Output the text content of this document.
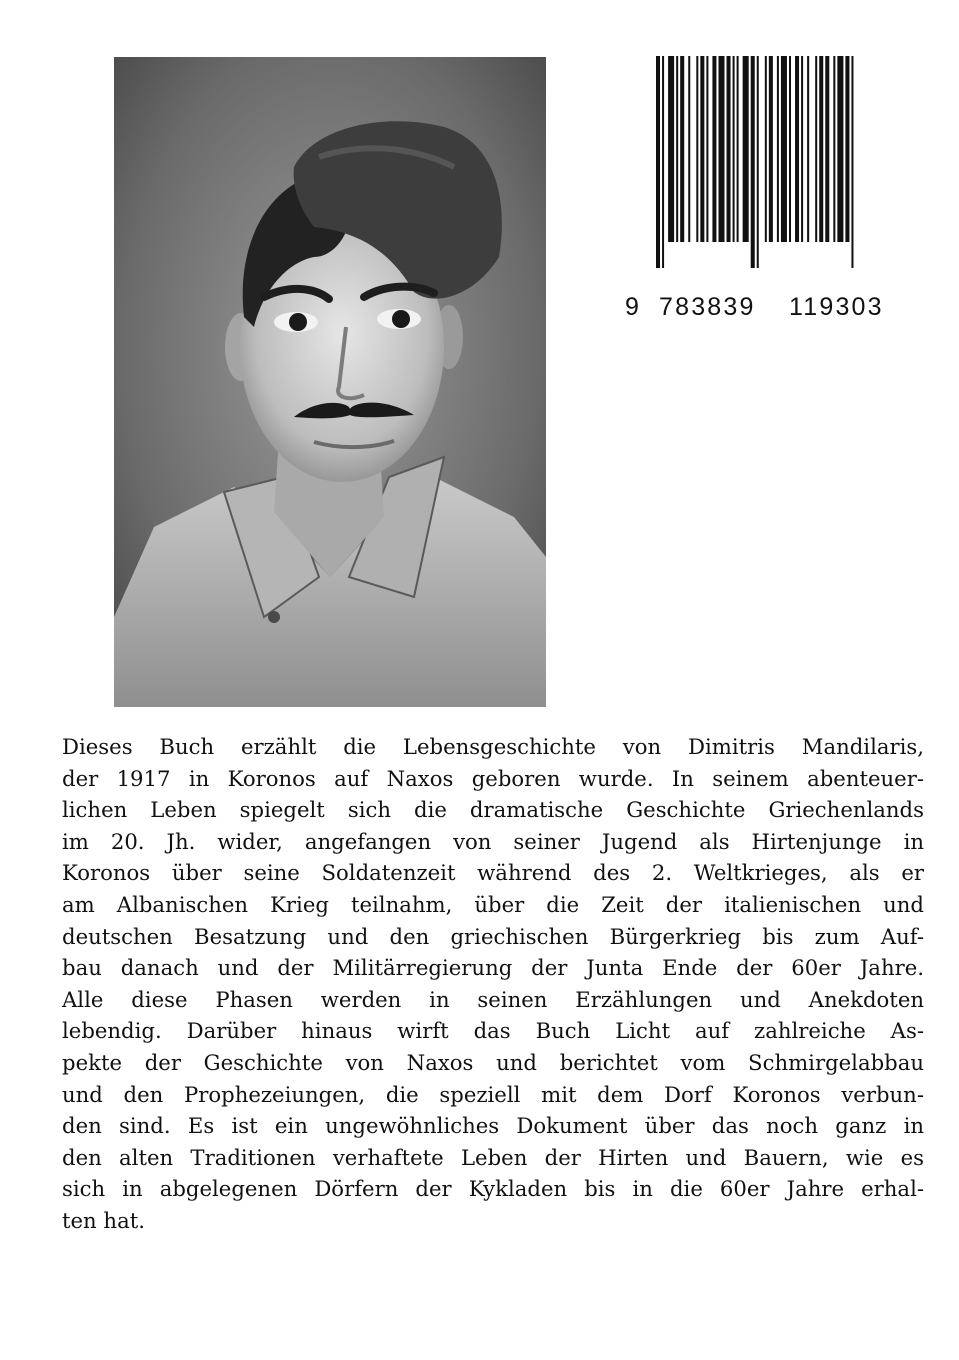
9 783839 119303
Dieses Buch erzählt die Lebensgeschichte von Dimitris Mandilaris,
der 1917 in Koronos auf Naxos geboren wurde. In seinem abenteuer-
lichen Leben spiegelt sich die dramatische Geschichte Griechenlands
im 20. Jh. wider, angefangen von seiner Jugend als Hirtenjunge in
Koronos über seine Soldatenzeit während des 2. Weltkrieges, als er
am Albanischen Krieg teilnahm, über die Zeit der italienischen und
deutschen Besatzung und den griechischen Bürgerkrieg bis zum Auf-
bau danach und der Militärregierung der Junta Ende der 60er Jahre.
Alle diese Phasen werden in seinen Erzählungen und Anekdoten
lebendig. Darüber hinaus wirft das Buch Licht auf zahlreiche As-
pekte der Geschichte von Naxos und berichtet vom Schmirgelabbau
und den Prophezeiungen, die speziell mit dem Dorf Koronos verbun-
den sind. Es ist ein ungewöhnliches Dokument über das noch ganz in
den alten Traditionen verhaftete Leben der Hirten und Bauern, wie es
sich in abgelegenen Dörfern der Kykladen bis in die 60er Jahre erhal-
ten hat.
